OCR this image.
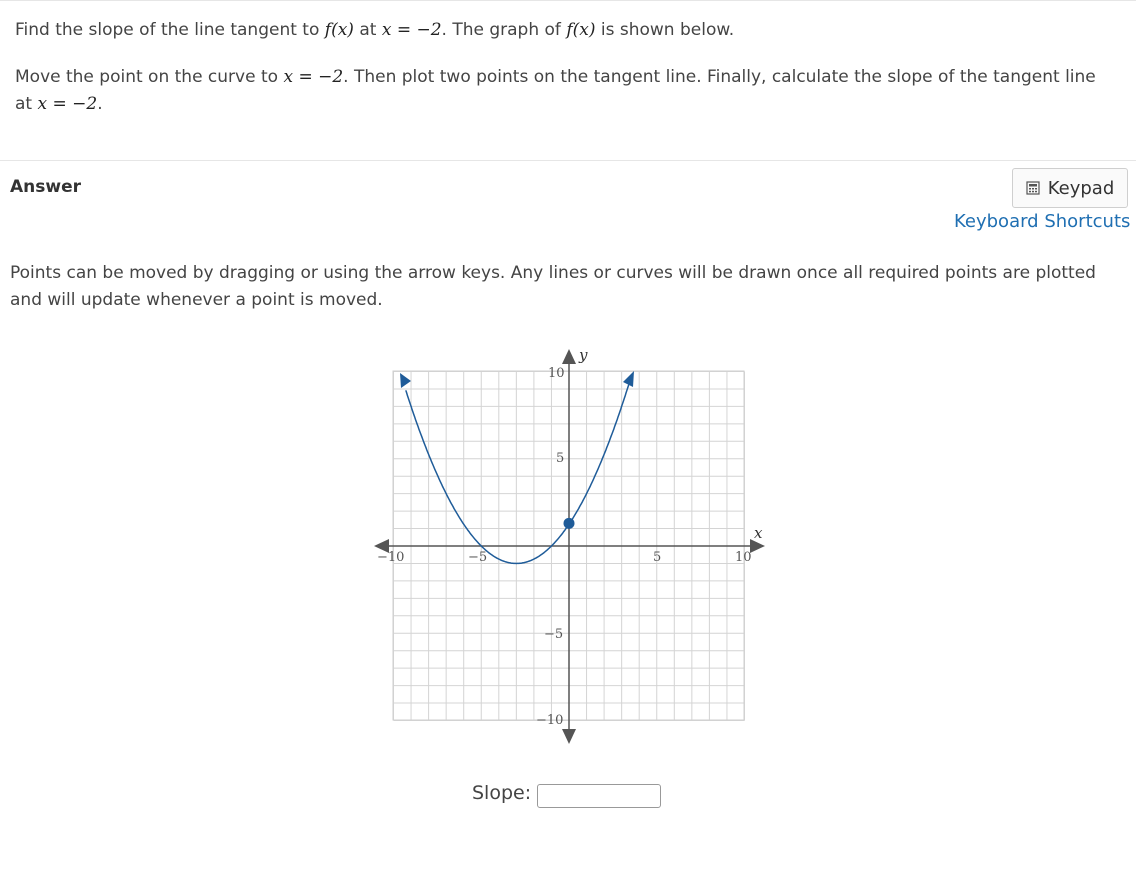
Find the slope of the line tangent to f(x) at x = −2. The graph of f(x) is shown below.

Move the point on the curve to x = −2. Then plot two points on the tangent line. Finally, calculate the slope of the tangent line at x = −2.

Answer	Keypad
Keyboard Shortcuts

Points can be moved by dragging or using the arrow keys. Any lines or curves will be drawn once all required points are plotted and will update whenever a point is moved.

x
y
−10	−5	5	10
10
5
−5
−10
Slope:
